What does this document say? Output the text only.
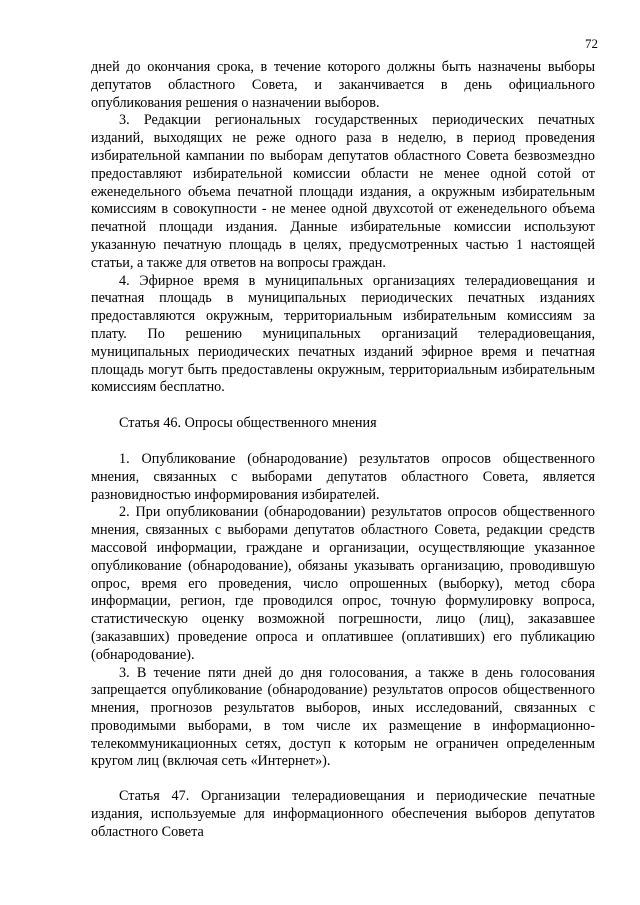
72

дней до окончания срока, в течение которого должны быть назначены выборы депутатов областного Совета, и заканчивается в день официального опубликования решения о назначении выборов.

3. Редакции региональных государственных периодических печатных изданий, выходящих не реже одного раза в неделю, в период проведения избирательной кампании по выборам депутатов областного Совета безвозмездно предоставляют избирательной комиссии области не менее одной сотой от еженедельного объема печатной площади издания, а окружным избирательным комиссиям в совокупности - не менее одной двухсотой от еженедельного объема печатной площади издания. Данные избирательные комиссии используют указанную печатную площадь в целях, предусмотренных частью 1 настоящей статьи, а также для ответов на вопросы граждан.

4. Эфирное время в муниципальных организациях телерадиовещания и печатная площадь в муниципальных периодических печатных изданиях предоставляются окружным, территориальным избирательным комиссиям за плату. По решению муниципальных организаций телерадиовещания, муниципальных периодических печатных изданий эфирное время и печатная площадь могут быть предоставлены окружным, территориальным избирательным комиссиям бесплатно.

Статья 46. Опросы общественного мнения

1. Опубликование (обнародование) результатов опросов общественного мнения, связанных с выборами депутатов областного Совета, является разновидностью информирования избирателей.

2. При опубликовании (обнародовании) результатов опросов общественного мнения, связанных с выборами депутатов областного Совета, редакции средств массовой информации, граждане и организации, осуществляющие указанное опубликование (обнародование), обязаны указывать организацию, проводившую опрос, время его проведения, число опрошенных (выборку), метод сбора информации, регион, где проводился опрос, точную формулировку вопроса, статистическую оценку возможной погрешности, лицо (лиц), заказавшее (заказавших) проведение опроса и оплатившее (оплативших) его публикацию (обнародование).

3. В течение пяти дней до дня голосования, а также в день голосования запрещается опубликование (обнародование) результатов опросов общественного мнения, прогнозов результатов выборов, иных исследований, связанных с проводимыми выборами, в том числе их размещение в информационно-телекоммуникационных сетях, доступ к которым не ограничен определенным кругом лиц (включая сеть «Интернет»).

Статья 47. Организации телерадиовещания и периодические печатные издания, используемые для информационного обеспечения выборов депутатов областного Совета
